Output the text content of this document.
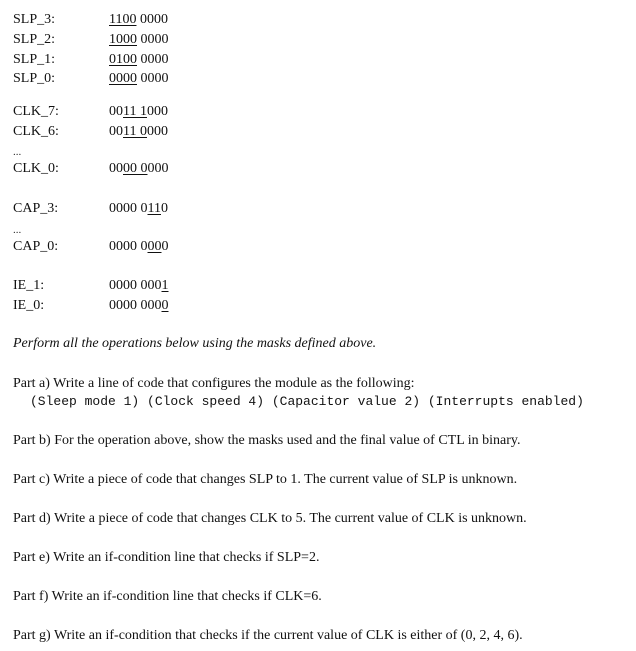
SLP_3:	1100 0000
SLP_2:	1000 0000
SLP_1:	0100 0000
SLP_0:	0000 0000
CLK_7:	0011 1000
CLK_6:	0011 0000
...
CLK_0:	0000 0000
CAP_3:	0000 0110
...
CAP_0:	0000 0000
IE_1:	0000 0001
IE_0:	0000 0000
Perform all the operations below using the masks defined above.
Part a) Write a line of code that configures the module as the following:
(Sleep mode 1) (Clock speed 4) (Capacitor value 2) (Interrupts enabled)
Part b) For the operation above, show the masks used and the final value of CTL in binary.
Part c) Write a piece of code that changes SLP to 1. The current value of SLP is unknown.
Part d) Write a piece of code that changes CLK to 5. The current value of CLK is unknown.
Part e) Write an if-condition line that checks if SLP=2.
Part f) Write an if-condition line that checks if CLK=6.
Part g) Write an if-condition that checks if the current value of CLK is either of (0, 2, 4, 6).
